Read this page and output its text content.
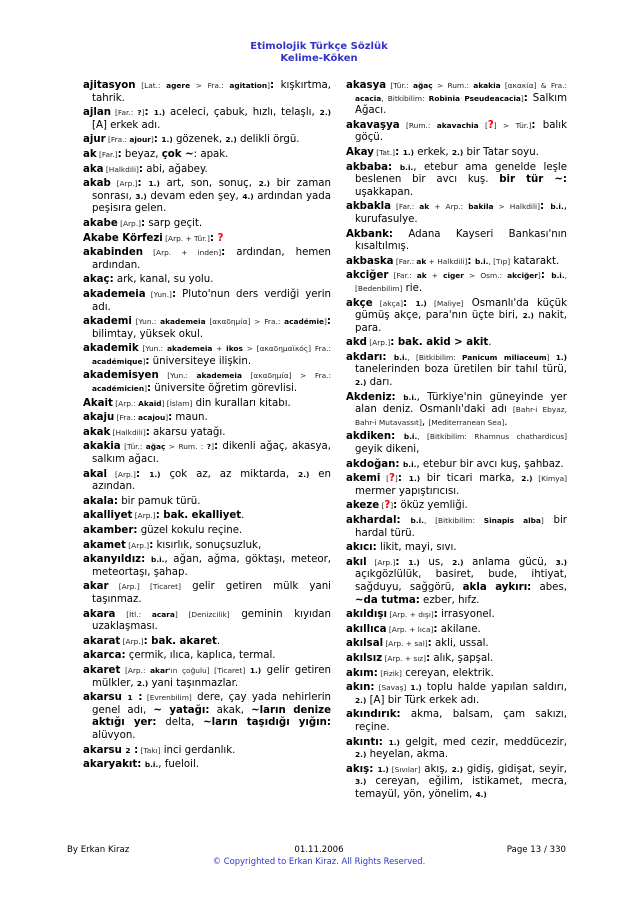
Etimolojik Türkçe Sözlük
Kelime-Köken
ajitasyon [Lat.: agere > Fra.: agitation]: kışkırtma, tahrik.
ajlan [Far.: ?]: 1.) aceleci, çabuk, hızlı, telaşlı, 2.) [A] erkek adı.
ajur [Fra.: ajour]: 1.) gözenek, 2.) delikli örgü.
ak [Far.]: beyaz, çok ~: apak.
aka [Halkdili]: abi, ağabey.
akab [Arp.]: 1.) art, son, sonuç, 2.) bir zaman sonrası, 3.) devam eden şey, 4.) ardından yada peşisıra gelen.
akabe [Arp.]: sarp geçit.
Akabe Körfezi [Arp. + Tür.]: ?
akabinden [Arp. + inden]: ardından, hemen ardından.
akaç: ark, kanal, su yolu.
akademeia [Yun.]: Pluto'nun ders verdiği yerin adı.
akademi [Yun.: akademeia [ακαδημία] > Fra.: académie]: bilimtay, yüksek okul.
akademik [Yun.: akademeia + ikos > [ακαδημαϊκός] Fra.: académique]: üniversiteye ilişkin.
akademisyen [Yun.: akademeia [ακαδημία] > Fra.: académicien]: üniversite öğretim görevlisi.
Akait [Arp.: Akaid] [İslam] din kuralları kitabı.
akaju [Fra.: acajou]: maun.
akak [Halkdili]: akarsu yatağı.
akakia [Tür.: ağaç > Rum. : ?]: dikenli ağaç, akasya, salkım ağacı.
akal [Arp.]: 1.) çok az, az miktarda, 2.) en azından.
akala: bir pamuk türü.
akalliyet [Arp.]: bak. ekalliyet.
akamber: güzel kokulu reçine.
akamet [Arp.]: kısırlık, sonuçsuzluk,
akanyıldız: b.i., ağan, ağma, göktaşı, meteor, meteortaşı, şahap.
akar [Arp.] [Ticaret] gelir getiren mülk yani taşınmaz.
akara [İtl.: acara] [Denizcilik] geminin kıyıdan uzaklaşması.
akarat [Arp.]: bak. akaret.
akarca: çermik, ılıca, kaplıca, termal.
akaret [Arp.: akar'ın çoğulu] [Ticaret] 1.) gelir getiren mülkler, 2.) yani taşınmazlar.
akarsu 1 : [Evrenbilim] dere, çay yada nehirlerin genel adı, ~ yatağı: akak, ~ların denize aktığı yer: delta, ~ların taşıdığı yığın: alüvyon.
akarsu 2 : [Takı] inci gerdanlık.
akaryakıt: b.i., fueloil.
akasya [Tür.: ağaç > Rum.: akakia [ακακία] & Fra.: acacia, Bitkibilim: Robinia Pseudeacacia]: Salkım Ağacı.
akavaşya [Rum.: akavachia [?] > Tür.]: balık göçü.
Akay [Tat.]: 1.) erkek, 2.) bir Tatar soyu.
akbaba: b.i., etebur ama genelde leşle beslenen bir avcı kuş. bir tür ~: uşakkapan.
akbakla [Far.: ak + Arp.: bakila > Halkdili]: b.i., kurufasulye.
Akbank: Adana Kayseri Bankası'nın kısaltılmış.
akbaska [Far.: ak + Halkdili]: b.i., [Tıp] katarakt.
akciğer [Far.: ak + ciger > Osm.: akciğer]: b.i., [Bedenbilim] rie.
akçe [akça]: 1.) [Maliye] Osmanlı'da küçük gümüş akçe, para'nın üçte biri, 2.) nakit, para.
akd [Arp.]: bak. akid > akit.
akdarı: b.i., [Bitkibilim: Panicum miliaceum] 1.) tanelerinden boza üretilen bir tahıl türü, 2.) darı.
Akdeniz: b.i., Türkiye'nin güneyinde yer alan deniz. Osmanlı'daki adı [Bahr-i Ebyaz, Bahr-i Mutavassıt], [Mediterranean Sea].
akdiken: b.i., [Bitkibilim: Rhamnus chathardicus] geyik dikeni,
akdoğan: b.i., etebur bir avcı kuş, şahbaz.
akemi [?]: 1.) bir ticari marka, 2.) [Kimya] mermer yapıştırıcısı.
akeze [?]: öküz yemliği.
akhardal: b.i., [Bitkibilim: Sinapis alba] bir hardal türü.
akıcı: likit, mayi, sıvı.
akıl [Arp.]: 1.) us, 2.) anlama gücü, 3.) açıkgözlülük, basiret, bude, ihtiyat, sağduyu, sağgörü, akla aykırı: abes, ~da tutma: ezber, hıfz.
akıldışı [Arp. + dışı]: irrasyonel.
akıllıca [Arp. + lıca]: akilane.
akılsal [Arp. + sal]: akli, ussal.
akılsız [Arp. + sız]: alık, şapşal.
akım: [Fizik] cereyan, elektrik.
akın: [Savaş] 1.) toplu halde yapılan saldırı, 2.) [A] bir Türk erkek adı.
akındırık: akma, balsam, çam sakızı, reçine.
akıntı: 1.) gelgit, med cezir, meddücezir, 2.) heyelan, akma.
akış: 1.) [Sıvılar] akış, 2.) gidiş, gidişat, seyir, 3.) cereyan, eğilim, istikamet, mecra, temayül, yön, yönelim, 4.)
By Erkan Kiraz	01.11.2006	Page 13 / 330
© Copyrighted to Erkan Kiraz. All Rights Reserved.
